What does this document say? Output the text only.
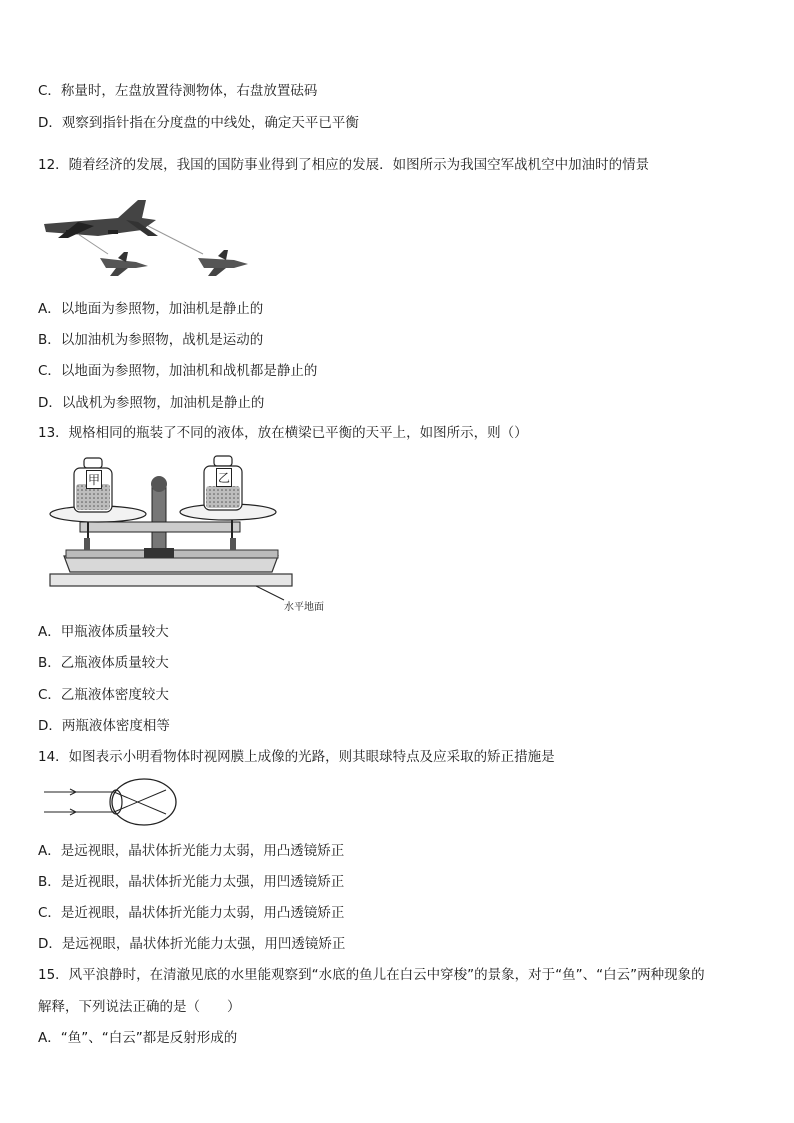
C．称量时，左盘放置待测物体，右盘放置砝码
D．观察到指针指在分度盘的中线处，确定天平已平衡
12．随着经济的发展，我国的国防事业得到了相应的发展．如图所示为我国空军战机空中加油时的情景
A．以地面为参照物，加油机是静止的
B．以加油机为参照物，战机是运动的
C．以地面为参照物，加油机和战机都是静止的
D．以战机为参照物，加油机是静止的
13．规格相同的瓶装了不同的液体，放在横梁已平衡的天平上，如图所示，则（）
甲	乙
水平地面
A．甲瓶液体质量较大
B．乙瓶液体质量较大
C．乙瓶液体密度较大
D．两瓶液体密度相等
14．如图表示小明看物体时视网膜上成像的光路，则其眼球特点及应采取的矫正措施是
A．是远视眼，晶状体折光能力太弱，用凸透镜矫正
B．是近视眼，晶状体折光能力太强，用凹透镜矫正
C．是近视眼，晶状体折光能力太弱，用凸透镜矫正
D．是远视眼，晶状体折光能力太强，用凹透镜矫正
15．风平浪静时，在清澈见底的水里能观察到“水底的鱼儿在白云中穿梭”的景象，对于“鱼”、“白云”两种现象的
解释，下列说法正确的是（　　）
A．“鱼”、“白云”都是反射形成的
